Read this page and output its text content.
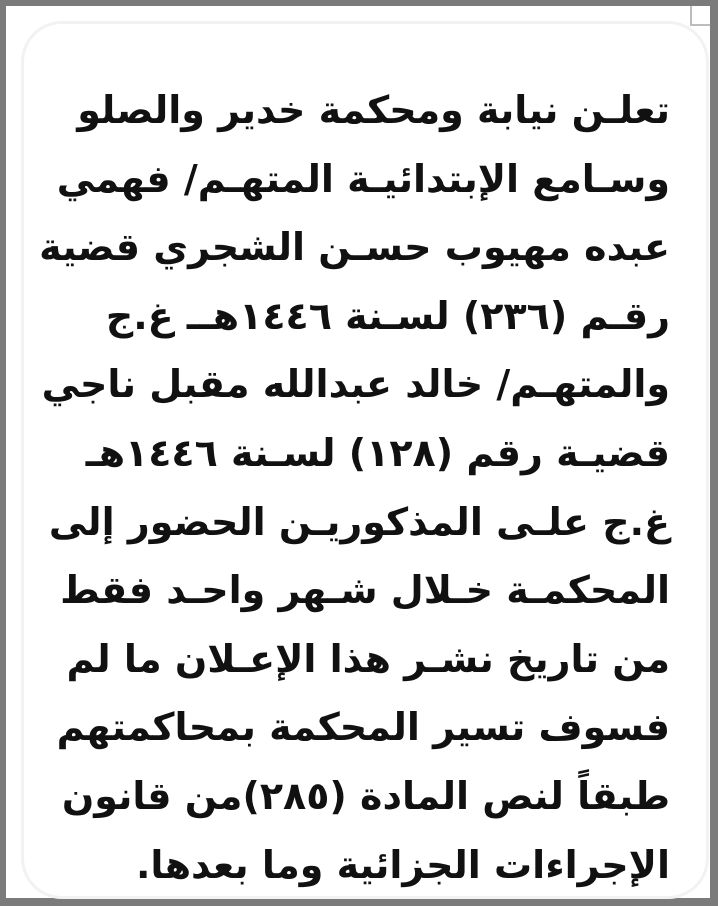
تعلـن نيابة ومحكمة خدير والصلو
وسـامع الإبتدائيـة المتهـم/ فهمي
عبده مهيوب حسـن الشجري قضية
رقـم (٢٣٦) لسـنة ١٤٤٦هــ غ.ج
والمتهـم/ خالد عبدالله مقبل ناجي
قضيـة رقم (١٢٨) لسـنة ١٤٤٦هـ
غ.ج علـى المذكوريـن الحضور إلى
المحكمـة خـلال شـهر واحـد فقط
من تاريخ نشـر هذا الإعـلان ما لم
فسوف تسير المحكمة بمحاكمتهم
طبقاً لنص المادة (٢٨٥)من قانون
الإجراءات الجزائية وما بعدها.
